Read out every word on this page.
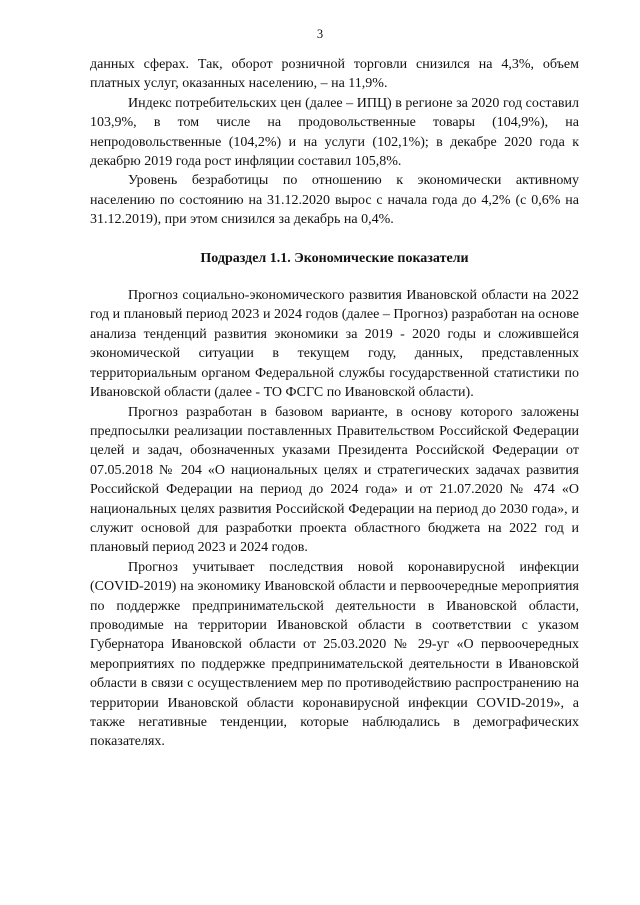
3

данных сферах. Так, оборот розничной торговли снизился на 4,3%, объем платных услуг, оказанных населению, – на 11,9%.

Индекс потребительских цен (далее – ИПЦ) в регионе за 2020 год составил 103,9%, в том числе на продовольственные товары (104,9%), на непродовольственные (104,2%) и на услуги (102,1%); в декабре 2020 года к декабрю 2019 года рост инфляции составил 105,8%.

Уровень безработицы по отношению к экономически активному населению по состоянию на 31.12.2020 вырос с начала года до 4,2% (с 0,6% на 31.12.2019), при этом снизился за декабрь на 0,4%.

Подраздел 1.1. Экономические показатели

Прогноз социально-экономического развития Ивановской области на 2022 год и плановый период 2023 и 2024 годов (далее – Прогноз) разработан на основе анализа тенденций развития экономики за 2019 - 2020 годы и сложившейся экономической ситуации в текущем году, данных, представленных территориальным органом Федеральной службы государственной статистики по Ивановской области (далее - ТО ФСГС по Ивановской области).

Прогноз разработан в базовом варианте, в основу которого заложены предпосылки реализации поставленных Правительством Российской Федерации целей и задач, обозначенных указами Президента Российской Федерации от 07.05.2018 № 204 «О национальных целях и стратегических задачах развития Российской Федерации на период до 2024 года» и от 21.07.2020 № 474 «О национальных целях развития Российской Федерации на период до 2030 года», и служит основой для разработки проекта областного бюджета на 2022 год и плановый период 2023 и 2024 годов.

Прогноз учитывает последствия новой коронавирусной инфекции (COVID-2019) на экономику Ивановской области и первоочередные мероприятия по поддержке предпринимательской деятельности в Ивановской области, проводимые на территории Ивановской области в соответствии с указом Губернатора Ивановской области от 25.03.2020 № 29-уг «О первоочередных мероприятиях по поддержке предпринимательской деятельности в Ивановской области в связи с осуществлением мер по противодействию распространению на территории Ивановской области коронавирусной инфекции COVID-2019», а также негативные тенденции, которые наблюдались в демографических показателях.
